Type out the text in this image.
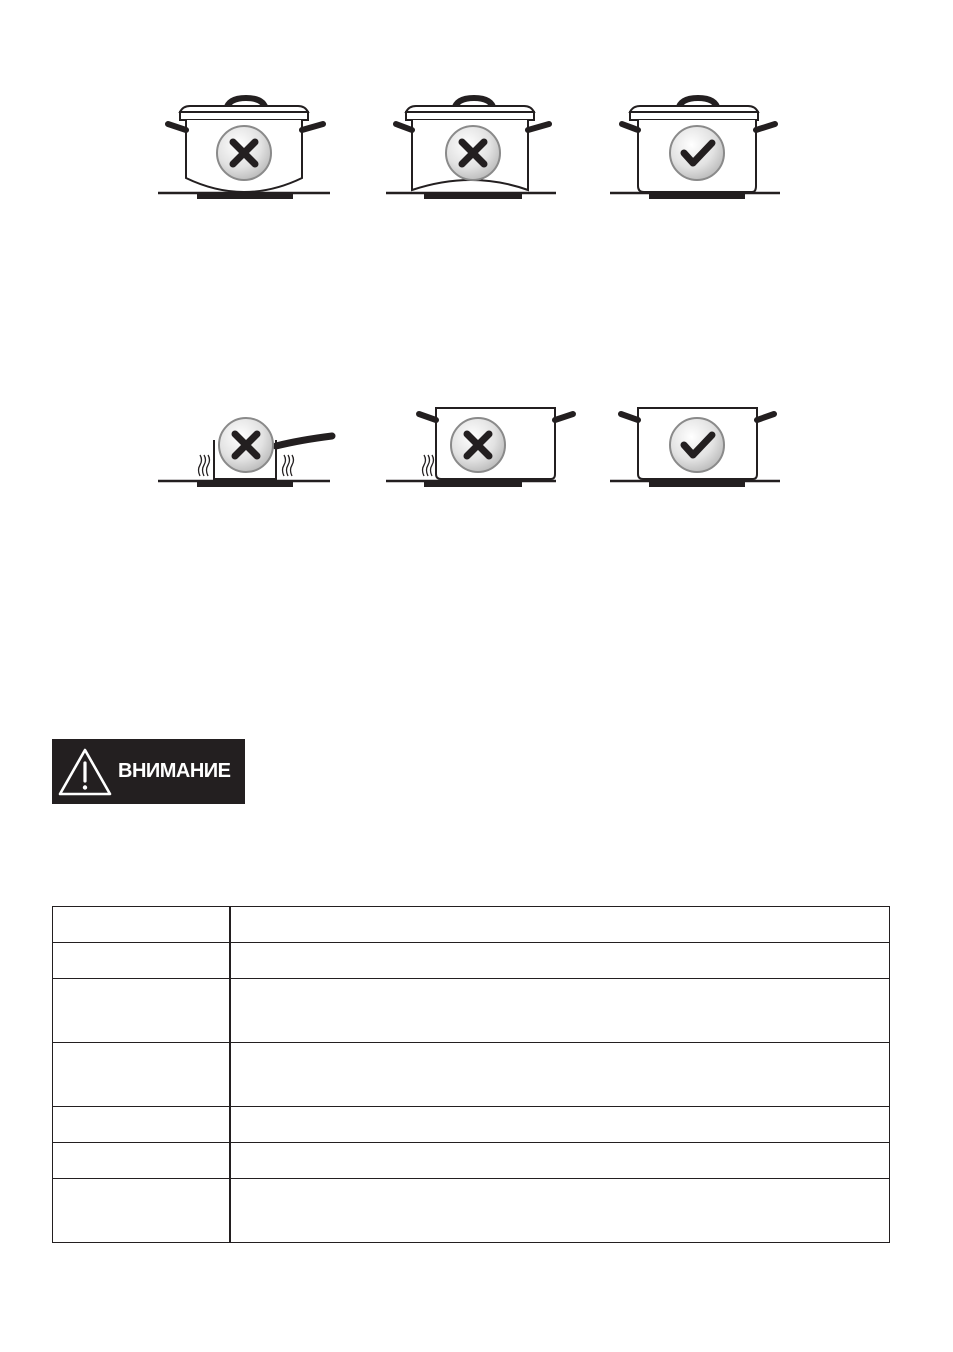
ВНИМАНИЕ
